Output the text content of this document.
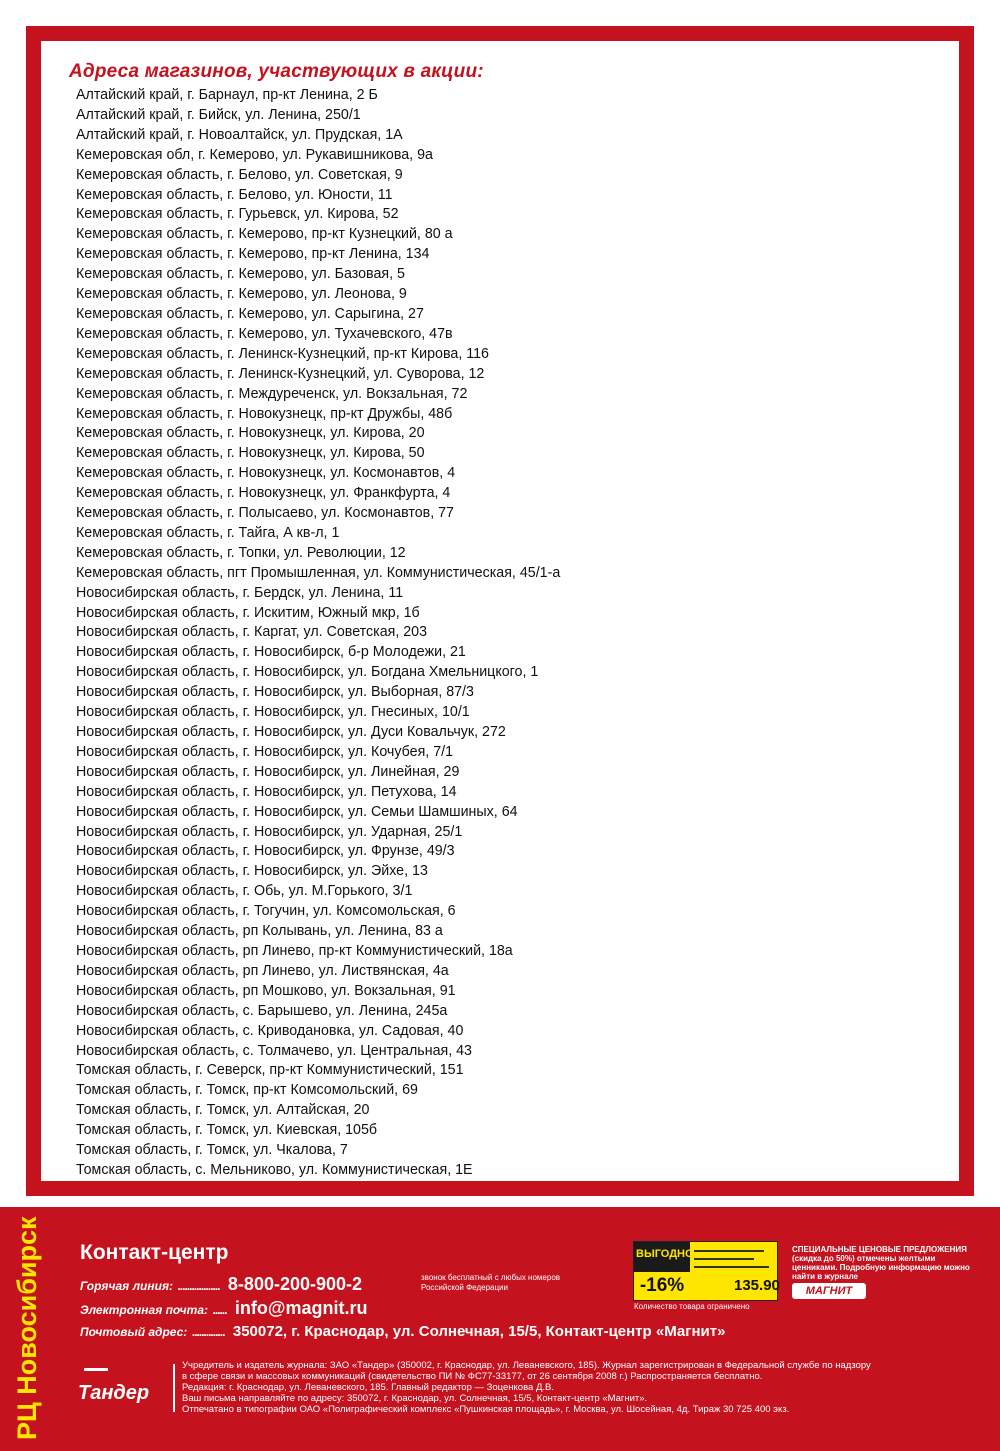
Адреса магазинов, участвующих в акции:
Алтайский край, г. Барнаул, пр-кт Ленина, 2 Б
Алтайский край, г. Бийск, ул. Ленина, 250/1
Алтайский край, г. Новоалтайск, ул. Прудская, 1А
Кемеровская обл, г. Кемерово, ул. Рукавишникова, 9а
Кемеровская область, г. Белово, ул. Советская, 9
Кемеровская область, г. Белово, ул. Юности, 11
Кемеровская область, г. Гурьевск, ул. Кирова, 52
Кемеровская область, г. Кемерово, пр-кт Кузнецкий, 80 а
Кемеровская область, г. Кемерово, пр-кт Ленина, 134
Кемеровская область, г. Кемерово, ул. Базовая, 5
Кемеровская область, г. Кемерово, ул. Леонова, 9
Кемеровская область, г. Кемерово, ул. Сарыгина, 27
Кемеровская область, г. Кемерово, ул. Тухачевского, 47в
Кемеровская область, г. Ленинск-Кузнецкий, пр-кт Кирова, 116
Кемеровская область, г. Ленинск-Кузнецкий, ул. Суворова, 12
Кемеровская область, г. Междуреченск, ул. Вокзальная, 72
Кемеровская область, г. Новокузнецк, пр-кт Дружбы, 48б
Кемеровская область, г. Новокузнецк, ул. Кирова, 20
Кемеровская область, г. Новокузнецк, ул. Кирова, 50
Кемеровская область, г. Новокузнецк, ул. Космонавтов, 4
Кемеровская область, г. Новокузнецк, ул. Франкфурта, 4
Кемеровская область, г. Полысаево, ул. Космонавтов, 77
Кемеровская область, г. Тайга, А кв-л, 1
Кемеровская область, г. Топки, ул. Революции, 12
Кемеровская область, пгт Промышленная, ул. Коммунистическая, 45/1-а
Новосибирская область, г. Бердск, ул. Ленина, 11
Новосибирская область, г. Искитим, Южный мкр, 1б
Новосибирская область, г. Каргат, ул. Советская, 203
Новосибирская область, г. Новосибирск, б-р Молодежи, 21
Новосибирская область, г. Новосибирск, ул. Богдана Хмельницкого, 1
Новосибирская область, г. Новосибирск, ул. Выборная, 87/3
Новосибирская область, г. Новосибирск, ул. Гнесиных, 10/1
Новосибирская область, г. Новосибирск, ул. Дуси Ковальчук, 272
Новосибирская область, г. Новосибирск, ул. Кочубея, 7/1
Новосибирская область, г. Новосибирск, ул. Линейная, 29
Новосибирская область, г. Новосибирск, ул. Петухова, 14
Новосибирская область, г. Новосибирск, ул. Семьи Шамшиных, 64
Новосибирская область, г. Новосибирск, ул. Ударная, 25/1
Новосибирская область, г. Новосибирск, ул. Фрунзе, 49/3
Новосибирская область, г. Новосибирск, ул. Эйхе, 13
Новосибирская область, г. Обь, ул. М.Горького, 3/1
Новосибирская область, г. Тогучин, ул. Комсомольская, 6
Новосибирская область, рп Колывань, ул. Ленина, 83 а
Новосибирская область, рп Линево, пр-кт Коммунистический, 18а
Новосибирская область, рп Линево, ул. Листвянская, 4а
Новосибирская область, рп Мошково, ул. Вокзальная, 91
Новосибирская область, с. Барышево, ул. Ленина, 245а
Новосибирская область, с. Криводановка, ул. Садовая, 40
Новосибирская область, с. Толмачево, ул. Центральная, 43
Томская область, г. Северск, пр-кт Коммунистический, 151
Томская область, г. Томск, пр-кт Комсомольский, 69
Томская область, г. Томск, ул. Алтайская, 20
Томская область, г. Томск, ул. Киевская, 105б
Томская область, г. Томск, ул. Чкалова, 7
Томская область, с. Мельниково, ул. Коммунистическая, 1Е
РЦ Новосибирск Контакт-центр
Горячая линия: .................. 8-800-200-900-2	звонок бесплатный с любых номеров Российской Федерации
Электронная почта: ...... info@magnit.ru
Почтовый адрес: .............. 350072, г. Краснодар, ул. Солнечная, 15/5, Контакт-центр «Магнит»
ВЫГОДНО
-16%	135.90
Количество товара ограничено
СПЕЦИАЛЬНЫЕ ЦЕНОВЫЕ ПРЕДЛОЖЕНИЯ (скидка до 50%) отмечены желтыми ценниками. Подробную информацию можно найти в журнале
МАГНИТ
Тандер
Учредитель и издатель журнала: ЗАО «Тандер» (350002, г. Краснодар, ул. Леваневского, 185). Журнал зарегистрирован в Федеральной службе по надзору
в сфере связи и массовых коммуникаций (свидетельство ПИ № ФС77-33177, от 26 сентября 2008 г.) Распространяется бесплатно.
Редакция: г. Краснодар, ул. Леваневского, 185. Главный редактор — Зоценкова Д.В.
Ваш письма направляйте по адресу: 350072, г. Краснодар, ул. Солнечная, 15/5, Контакт-центр «Магнит».
Отпечатано в типографии ОАО «Полиграфический комплекс «Пушкинская площадь», г. Москва, ул. Шосейная, 4д. Тираж 30 725 400 экз.
